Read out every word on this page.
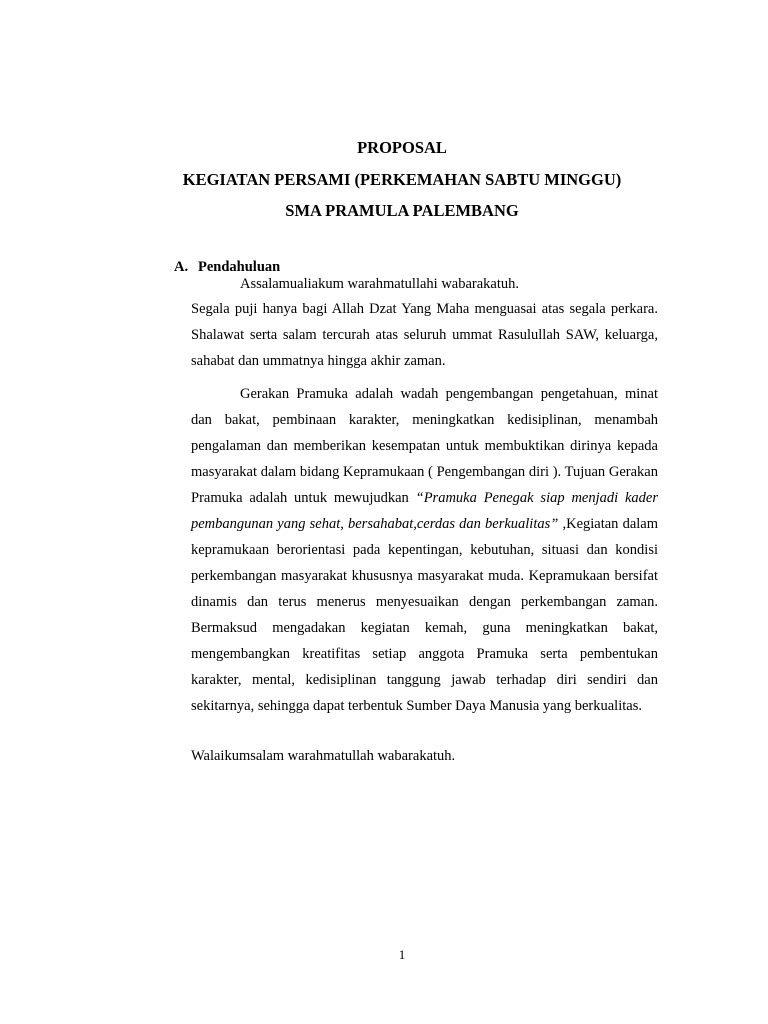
PROPOSAL
KEGIATAN PERSAMI (PERKEMAHAN SABTU MINGGU)
SMA PRAMULA PALEMBANG
A. Pendahuluan
Assalamualiakum warahmatullahi wabarakatuh.
Segala puji hanya bagi Allah Dzat Yang Maha menguasai atas segala perkara. Shalawat serta salam tercurah atas seluruh ummat Rasulullah SAW, keluarga, sahabat dan ummatnya hingga akhir zaman.
Gerakan Pramuka adalah wadah pengembangan pengetahuan, minat dan bakat, pembinaan karakter, meningkatkan kedisiplinan, menambah pengalaman dan memberikan kesempatan untuk membuktikan dirinya kepada masyarakat dalam bidang Kepramukaan ( Pengembangan diri ). Tujuan Gerakan Pramuka adalah untuk mewujudkan “Pramuka Penegak siap menjadi kader pembangunan yang sehat, bersahabat,cerdas dan berkualitas” ,Kegiatan dalam kepramukaan berorientasi pada kepentingan, kebutuhan, situasi dan kondisi perkembangan masyarakat khususnya masyarakat muda. Kepramukaan bersifat dinamis dan terus menerus menyesuaikan dengan perkembangan zaman. Bermaksud mengadakan kegiatan kemah, guna meningkatkan bakat, mengembangkan kreatifitas setiap anggota Pramuka serta pembentukan karakter, mental, kedisiplinan tanggung jawab terhadap diri sendiri dan sekitarnya, sehingga dapat terbentuk Sumber Daya Manusia yang berkualitas.
Walaikumsalam warahmatullah wabarakatuh.
1
